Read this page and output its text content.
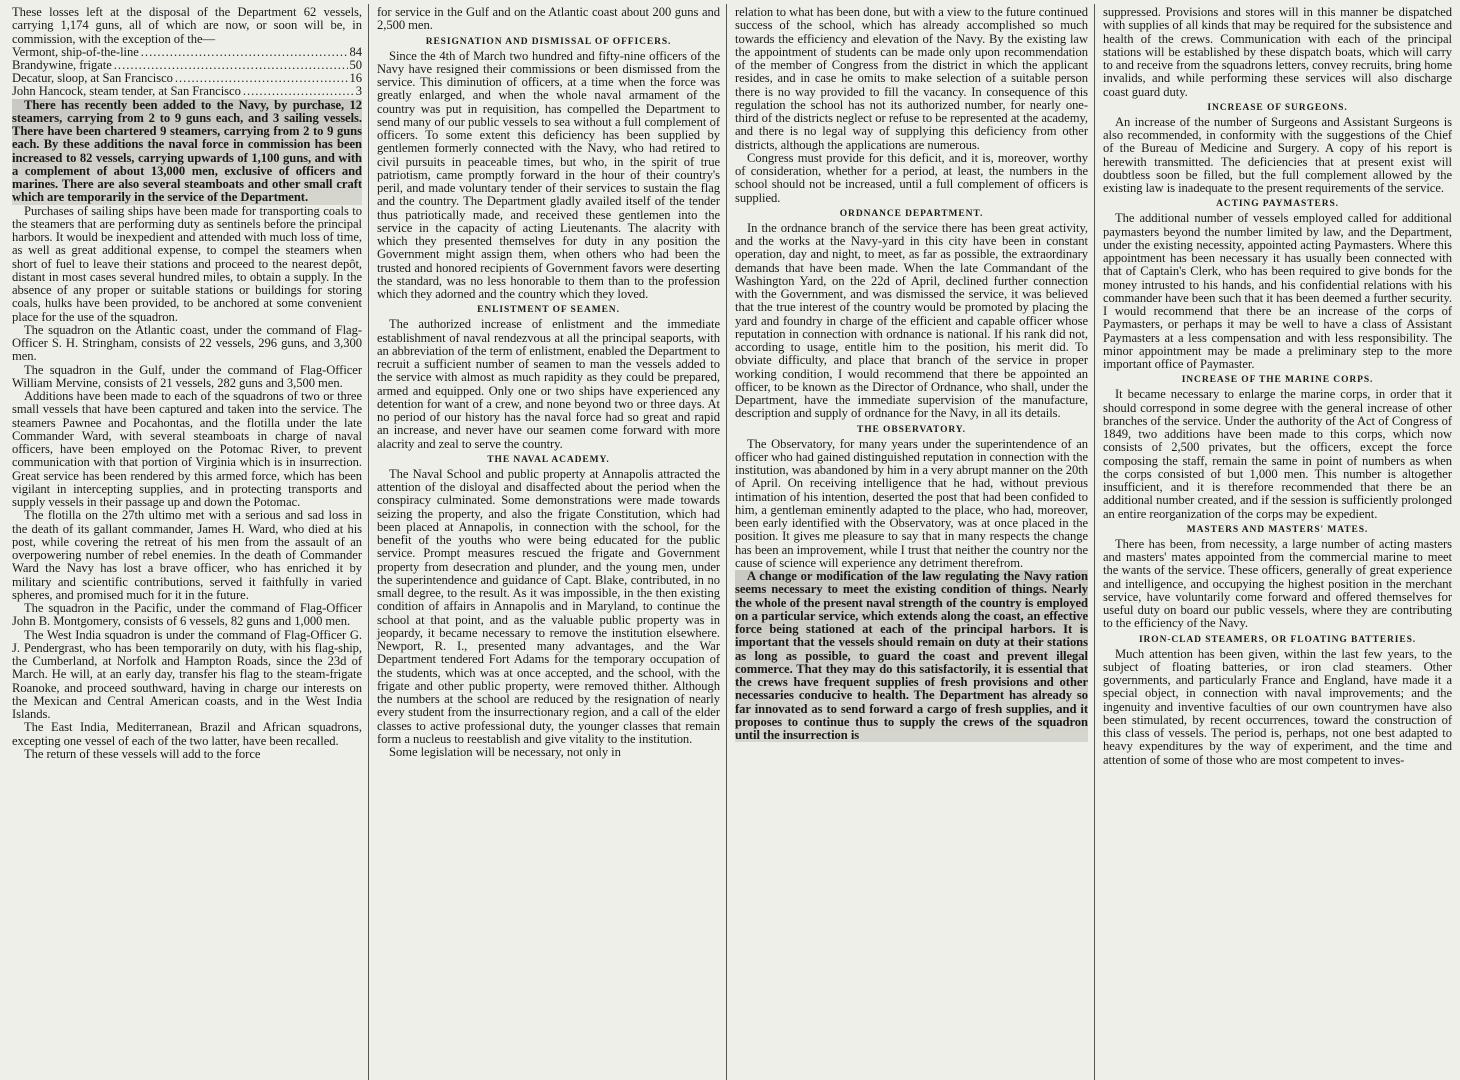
These losses left at the disposal of the Department 62 vessels, carrying 1,174 guns, all of which are now, or soon will be, in commission, with the exception of the—

Vermont, ship-of-the-line .....	84
Brandywine, frigate .....	50
Decatur, sloop, at San Francisco .....	16
John Hancock, steam tender, at San Francisco .....	3

There has recently been added to the Navy, by purchase, 12 steamers, carrying from 2 to 9 guns each, and 3 sailing vessels. There have been chartered 9 steamers, carrying from 2 to 9 guns each. By these additions the naval force in commission has been increased to 82 vessels, carrying upwards of 1,100 guns, and with a complement of about 13,000 men, exclusive of officers and marines. There are also several steamboats and other small craft which are temporarily in the service of the Department.

Purchases of sailing ships have been made for transporting coals to the steamers that are performing duty as sentinels before the principal harbors. It would be inexpedient and attended with much loss of time, as well as great additional expense, to compel the steamers when short of fuel to leave their stations and proceed to the nearest depôt, distant in most cases several hundred miles, to obtain a supply. In the absence of any proper or suitable stations or buildings for storing coals, hulks have been provided, to be anchored at some convenient place for the use of the squadron.

The squadron on the Atlantic coast, under the command of Flag-Officer S. H. Stringham, consists of 22 vessels, 296 guns, and 3,300 men.

The squadron in the Gulf, under the command of Flag-Officer William Mervine, consists of 21 vessels, 282 guns and 3,500 men.

Additions have been made to each of the squadrons of two or three small vessels that have been captured and taken into the service. The steamers Pawnee and Pocahontas, and the flotilla under the late Commander Ward, with several steamboats in charge of naval officers, have been employed on the Potomac River, to prevent communication with that portion of Virginia which is in insurrection. Great service has been rendered by this armed force, which has been vigilant in intercepting supplies, and in protecting transports and supply vessels in their passage up and down the Potomac.

The flotilla on the 27th ultimo met with a serious and sad loss in the death of its gallant commander, James H. Ward, who died at his post, while covering the retreat of his men from the assault of an overpowering number of rebel enemies. In the death of Commander Ward the Navy has lost a brave officer, who has enriched it by military and scientific contributions, served it faithfully in varied spheres, and promised much for it in the future.

The squadron in the Pacific, under the command of Flag-Officer John B. Montgomery, consists of 6 vessels, 82 guns and 1,000 men.

The West India squadron is under the command of Flag-Officer G. J. Pendergrast, who has been temporarily on duty, with his flag-ship, the Cumberland, at Norfolk and Hampton Roads, since the 23d of March. He will, at an early day, transfer his flag to the steam-frigate Roanoke, and proceed southward, having in charge our interests on the Mexican and Central American coasts, and in the West India Islands.

The East India, Mediterranean, Brazil and African squadrons, excepting one vessel of each of the two latter, have been recalled.

The return of these vessels will add to the force

for service in the Gulf and on the Atlantic coast about 200 guns and 2,500 men.

RESIGNATION AND DISMISSAL OF OFFICERS.

Since the 4th of March two hundred and fifty-nine officers of the Navy have resigned their commissions or been dismissed from the service. This diminution of officers, at a time when the force was greatly enlarged, and when the whole naval armament of the country was put in requisition, has compelled the Department to send many of our public vessels to sea without a full complement of officers. To some extent this deficiency has been supplied by gentlemen formerly connected with the Navy, who had retired to civil pursuits in peaceable times, but who, in the spirit of true patriotism, came promptly forward in the hour of their country's peril, and made voluntary tender of their services to sustain the flag and the country. The Department gladly availed itself of the tender thus patriotically made, and received these gentlemen into the service in the capacity of acting Lieutenants. The alacrity with which they presented themselves for duty in any position the Government might assign them, when others who had been the trusted and honored recipients of Government favors were deserting the standard, was no less honorable to them than to the profession which they adorned and the country which they loved.

ENLISTMENT OF SEAMEN.

The authorized increase of enlistment and the immediate establishment of naval rendezvous at all the principal seaports, with an abbreviation of the term of enlistment, enabled the Department to recruit a sufficient number of seamen to man the vessels added to the service with almost as much rapidity as they could be prepared, armed and equipped. Only one or two ships have experienced any detention for want of a crew, and none beyond two or three days. At no period of our history has the naval force had so great and rapid an increase, and never have our seamen come forward with more alacrity and zeal to serve the country.

THE NAVAL ACADEMY.

The Naval School and public property at Annapolis attracted the attention of the disloyal and disaffected about the period when the conspiracy culminated. Some demonstrations were made towards seizing the property, and also the frigate Constitution, which had been placed at Annapolis, in connection with the school, for the benefit of the youths who were being educated for the public service. Prompt measures rescued the frigate and Government property from desecration and plunder, and the young men, under the superintendence and guidance of Capt. Blake, contributed, in no small degree, to the result. As it was impossible, in the then existing condition of affairs in Annapolis and in Maryland, to continue the school at that point, and as the valuable public property was in jeopardy, it became necessary to remove the institution elsewhere. Newport, R. I., presented many advantages, and the War Department tendered Fort Adams for the temporary occupation of the students, which was at once accepted, and the school, with the frigate and other public property, were removed thither. Although the numbers at the school are reduced by the resignation of nearly every student from the insurrectionary region, and a call of the elder classes to active professional duty, the younger classes that remain form a nucleus to reestablish and give vitality to the institution.

Some legislation will be necessary, not only in

relation to what has been done, but with a view to the future continued success of the school, which has already accomplished so much towards the efficiency and elevation of the Navy. By the existing law the appointment of students can be made only upon recommendation of the member of Congress from the district in which the applicant resides, and in case he omits to make selection of a suitable person there is no way provided to fill the vacancy. In consequence of this regulation the school has not its authorized number, for nearly one-third of the districts neglect or refuse to be represented at the academy, and there is no legal way of supplying this deficiency from other districts, although the applications are numerous.

Congress must provide for this deficit, and it is, moreover, worthy of consideration, whether for a period, at least, the numbers in the school should not be increased, until a full complement of officers is supplied.

ORDNANCE DEPARTMENT.

In the ordnance branch of the service there has been great activity, and the works at the Navy-yard in this city have been in constant operation, day and night, to meet, as far as possible, the extraordinary demands that have been made. When the late Commandant of the Washington Yard, on the 22d of April, declined further connection with the Government, and was dismissed the service, it was believed that the true interest of the country would be promoted by placing the yard and foundry in charge of the efficient and capable officer whose reputation in connection with ordnance is national. If his rank did not, according to usage, entitle him to the position, his merit did. To obviate difficulty, and place that branch of the service in proper working condition, I would recommend that there be appointed an officer, to be known as the Director of Ordnance, who shall, under the Department, have the immediate supervision of the manufacture, description and supply of ordnance for the Navy, in all its details.

THE OBSERVATORY.

The Observatory, for many years under the superintendence of an officer who had gained distinguished reputation in connection with the institution, was abandoned by him in a very abrupt manner on the 20th of April. On receiving intelligence that he had, without previous intimation of his intention, deserted the post that had been confided to him, a gentleman eminently adapted to the place, who had, moreover, been early identified with the Observatory, was at once placed in the position. It gives me pleasure to say that in many respects the change has been an improvement, while I trust that neither the country nor the cause of science will experience any detriment therefrom.

A change or modification of the law regulating the Navy ration seems necessary to meet the existing condition of things. Nearly the whole of the present naval strength of the country is employed on a particular service, which extends along the coast, an effective force being stationed at each of the principal harbors. It is important that the vessels should remain on duty at their stations as long as possible, to guard the coast and prevent illegal commerce. That they may do this satisfactorily, it is essential that the crews have frequent supplies of fresh provisions and other necessaries conducive to health. The Department has already so far innovated as to send forward a cargo of fresh supplies, and it proposes to continue thus to supply the crews of the squadron until the insurrection is

suppressed. Provisions and stores will in this manner be dispatched with supplies of all kinds that may be required for the subsistence and health of the crews. Communication with each of the principal stations will be established by these dispatch boats, which will carry to and receive from the squadrons letters, convey recruits, bring home invalids, and while performing these services will also discharge coast guard duty.

INCREASE OF SURGEONS.

An increase of the number of Surgeons and Assistant Surgeons is also recommended, in conformity with the suggestions of the Chief of the Bureau of Medicine and Surgery. A copy of his report is herewith transmitted. The deficiencies that at present exist will doubtless soon be filled, but the full complement allowed by the existing law is inadequate to the present requirements of the service.

ACTING PAYMASTERS.

The additional number of vessels employed called for additional paymasters beyond the number limited by law, and the Department, under the existing necessity, appointed acting Paymasters. Where this appointment has been necessary it has usually been connected with that of Captain's Clerk, who has been required to give bonds for the money intrusted to his hands, and his confidential relations with his commander have been such that it has been deemed a further security. I would recommend that there be an increase of the corps of Paymasters, or perhaps it may be well to have a class of Assistant Paymasters at a less compensation and with less responsibility. The minor appointment may be made a preliminary step to the more important office of Paymaster.

INCREASE OF THE MARINE CORPS.

It became necessary to enlarge the marine corps, in order that it should correspond in some degree with the general increase of other branches of the service. Under the authority of the Act of Congress of 1849, two additions have been made to this corps, which now consists of 2,500 privates, but the officers, except the force composing the staff, remain the same in point of numbers as when the corps consisted of but 1,000 men. This number is altogether insufficient, and it is therefore recommended that there be an additional number created, and if the session is sufficiently prolonged an entire reorganization of the corps may be expedient.

MASTERS AND MASTERS' MATES.

There has been, from necessity, a large number of acting masters and masters' mates appointed from the commercial marine to meet the wants of the service. These officers, generally of great experience and intelligence, and occupying the highest position in the merchant service, have voluntarily come forward and offered themselves for useful duty on board our public vessels, where they are contributing to the efficiency of the Navy.

IRON-CLAD STEAMERS, OR FLOATING BATTERIES.

Much attention has been given, within the last few years, to the subject of floating batteries, or iron clad steamers. Other governments, and particularly France and England, have made it a special object, in connection with naval improvements; and the ingenuity and inventive faculties of our own countrymen have also been stimulated, by recent occurrences, toward the construction of this class of vessels. The period is, perhaps, not one best adapted to heavy expenditures by the way of experiment, and the time and attention of some of those who are most competent to inves-
